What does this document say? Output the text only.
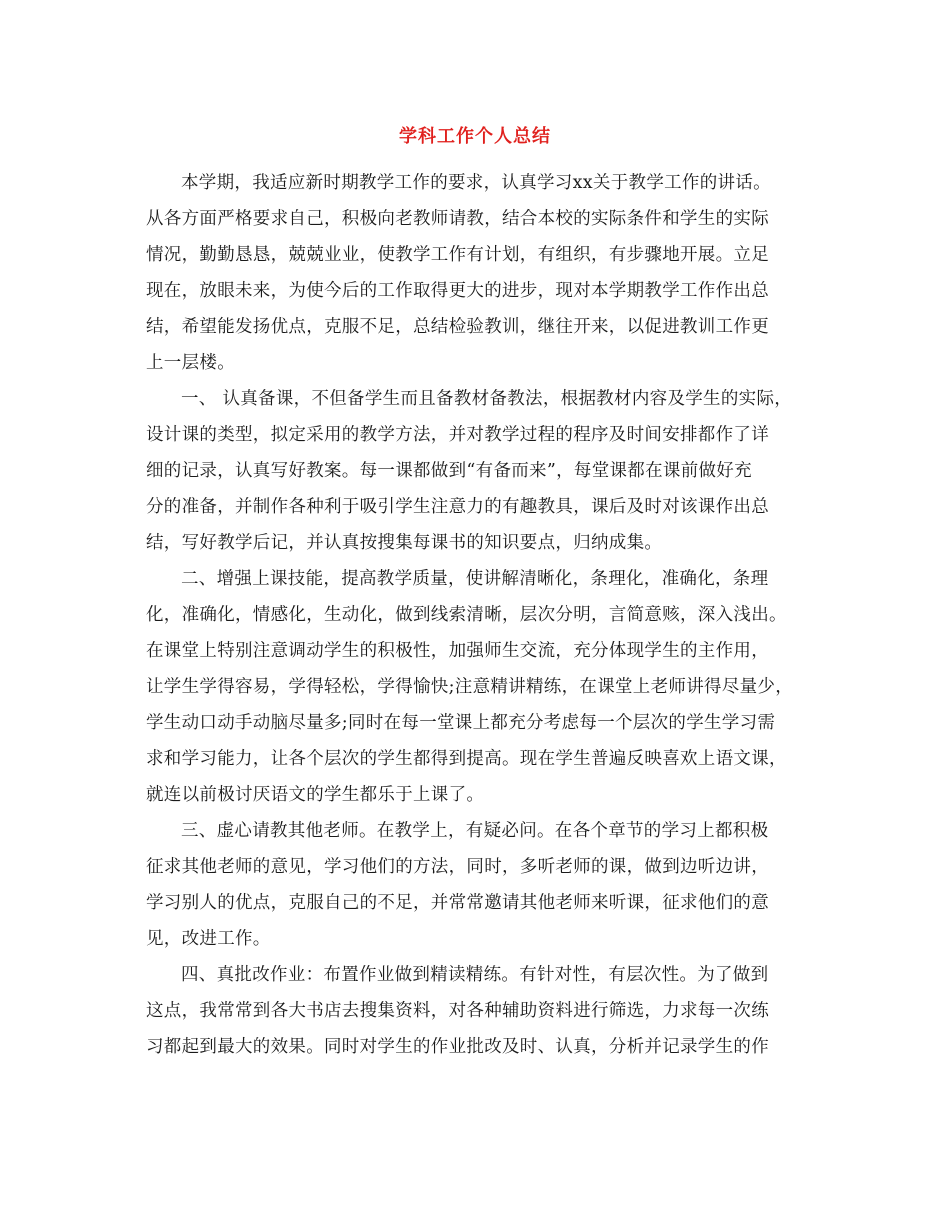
学科工作个人总结
本学期，我适应新时期教学工作的要求，认真学习xx关于教学工作的讲话。
从各方面严格要求自己，积极向老教师请教，结合本校的实际条件和学生的实际
情况，勤勤恳恳，兢兢业业，使教学工作有计划，有组织，有步骤地开展。立足
现在，放眼未来，为使今后的工作取得更大的进步，现对本学期教学工作作出总
结，希望能发扬优点，克服不足，总结检验教训，继往开来，以促进教训工作更
上一层楼。
一、 认真备课，不但备学生而且备教材备教法，根据教材内容及学生的实际，
设计课的类型，拟定采用的教学方法，并对教学过程的程序及时间安排都作了详
细的记录，认真写好教案。每一课都做到“有备而来”，每堂课都在课前做好充
分的准备，并制作各种利于吸引学生注意力的有趣教具，课后及时对该课作出总
结，写好教学后记，并认真按搜集每课书的知识要点，归纳成集。
二、增强上课技能，提高教学质量，使讲解清晰化，条理化，准确化，条理
化，准确化，情感化，生动化，做到线索清晰，层次分明，言简意赅，深入浅出。
在课堂上特别注意调动学生的积极性，加强师生交流，充分体现学生的主作用，
让学生学得容易，学得轻松，学得愉快;注意精讲精练，在课堂上老师讲得尽量少，
学生动口动手动脑尽量多;同时在每一堂课上都充分考虑每一个层次的学生学习需
求和学习能力，让各个层次的学生都得到提高。现在学生普遍反映喜欢上语文课，
就连以前极讨厌语文的学生都乐于上课了。
三、虚心请教其他老师。在教学上，有疑必问。在各个章节的学习上都积极
征求其他老师的意见，学习他们的方法，同时，多听老师的课，做到边听边讲，
学习别人的优点，克服自己的不足，并常常邀请其他老师来听课，征求他们的意
见，改进工作。
四、真批改作业：布置作业做到精读精练。有针对性，有层次性。为了做到
这点，我常常到各大书店去搜集资料，对各种辅助资料进行筛选，力求每一次练
习都起到最大的效果。同时对学生的作业批改及时、认真，分析并记录学生的作
